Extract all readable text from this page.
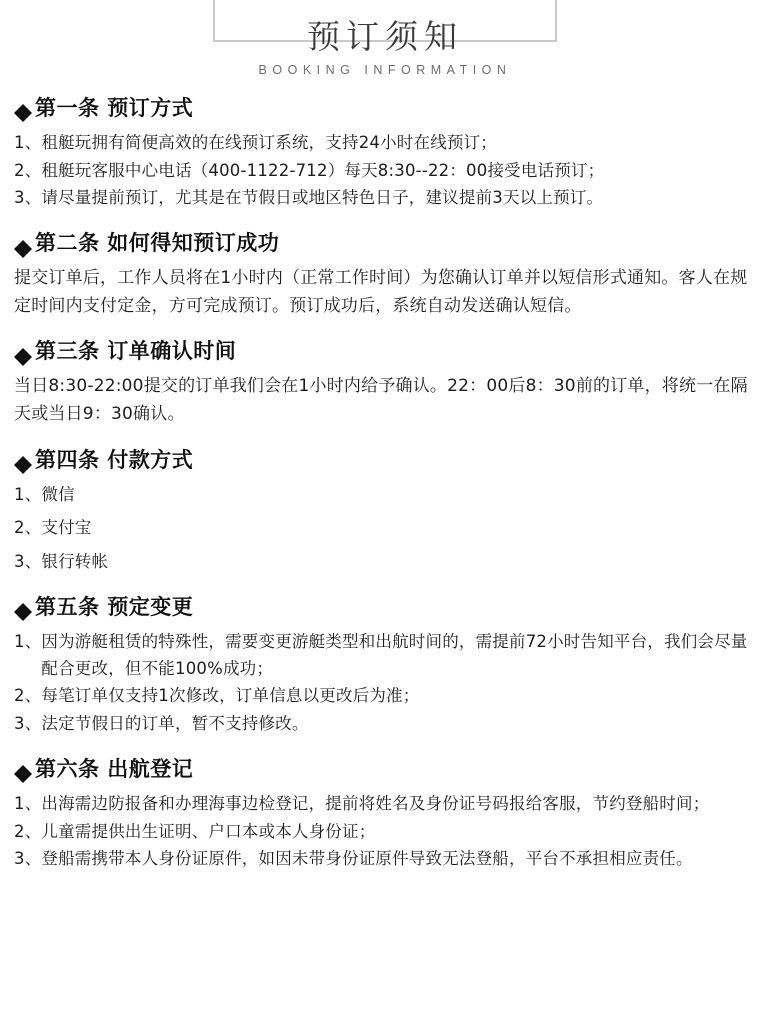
预订须知
BOOKING INFORMATION
第一条 预订方式
1、 租艇玩拥有简便高效的在线预订系统，支持24小时在线预订；
2、 租艇玩客服中心电话（400-1122-712）每天8:30--22：00接受电话预订；
3、 请尽量提前预订，尤其是在节假日或地区特色日子，建议提前3天以上预订。
第二条 如何得知预订成功

提交订单后，工作人员将在1小时内（正常工作时间）为您确认订单并以短信形式通知。客人在规定时间内支付定金，方可完成预订。预订成功后，系统自动发送确认短信。

第三条 订单确认时间

当日8:30-22:00提交的订单我们会在1小时内给予确认。22：00后8：30前的订单，将统一在隔天或当日9：30确认。

第四条 付款方式
1、 微信
2、 支付宝
3、 银行转帐
第五条 预定变更
1、 因为游艇租赁的特殊性，需要变更游艇类型和出航时间的，需提前72小时告知平台，我们会尽量配合更改，但不能100%成功；
2、 每笔订单仅支持1次修改，订单信息以更改后为准；
3、 法定节假日的订单，暂不支持修改。
第六条 出航登记
1、 出海需边防报备和办理海事边检登记，提前将姓名及身份证号码报给客服，节约登船时间；
2、 儿童需提供出生证明、户口本或本人身份证；
3、 登船需携带本人身份证原件，如因未带身份证原件导致无法登船，平台不承担相应责任。
